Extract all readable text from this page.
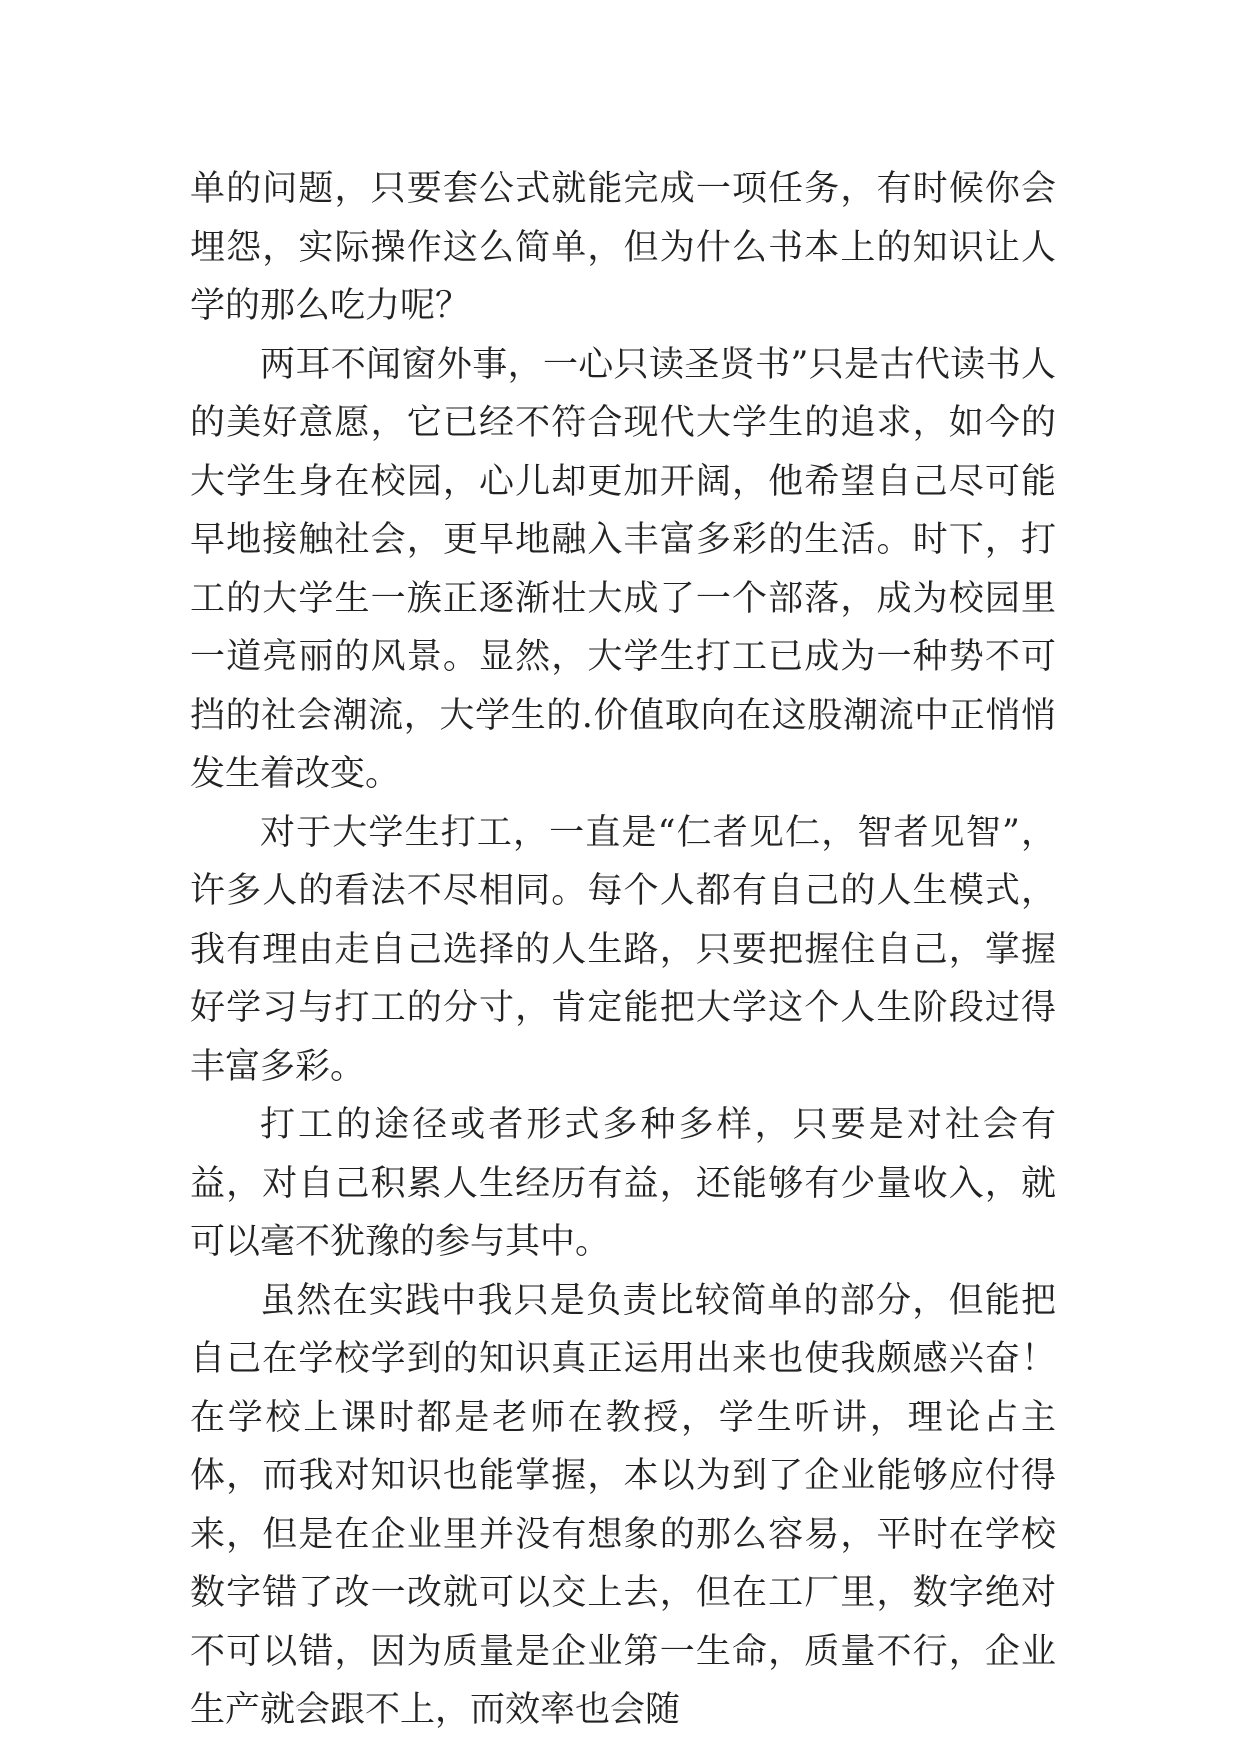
单的问题，只要套公式就能完成一项任务，有时候你会埋怨，实际操作这么简单，但为什么书本上的知识让人学的那么吃力呢？

两耳不闻窗外事，一心只读圣贤书”只是古代读书人的美好意愿，它已经不符合现代大学生的追求，如今的大学生身在校园，心儿却更加开阔，他希望自己尽可能早地接触社会，更早地融入丰富多彩的生活。时下，打工的大学生一族正逐渐壮大成了一个部落，成为校园里一道亮丽的风景。显然，大学生打工已成为一种势不可挡的社会潮流，大学生的.价值取向在这股潮流中正悄悄发生着改变。

对于大学生打工，一直是“仁者见仁，智者见智”，许多人的看法不尽相同。每个人都有自己的人生模式，我有理由走自己选择的人生路，只要把握住自己，掌握好学习与打工的分寸，肯定能把大学这个人生阶段过得丰富多彩。

打工的途径或者形式多种多样，只要是对社会有益，对自己积累人生经历有益，还能够有少量收入，就可以毫不犹豫的参与其中。

虽然在实践中我只是负责比较简单的部分，但能把自己在学校学到的知识真正运用出来也使我颇感兴奋！在学校上课时都是老师在教授，学生听讲，理论占主体，而我对知识也能掌握，本以为到了企业能够应付得来，但是在企业里并没有想象的那么容易，平时在学校数字错了改一改就可以交上去，但在工厂里，数字绝对不可以错，因为质量是企业第一生命，质量不行，企业生产就会跟不上，而效率也会随
